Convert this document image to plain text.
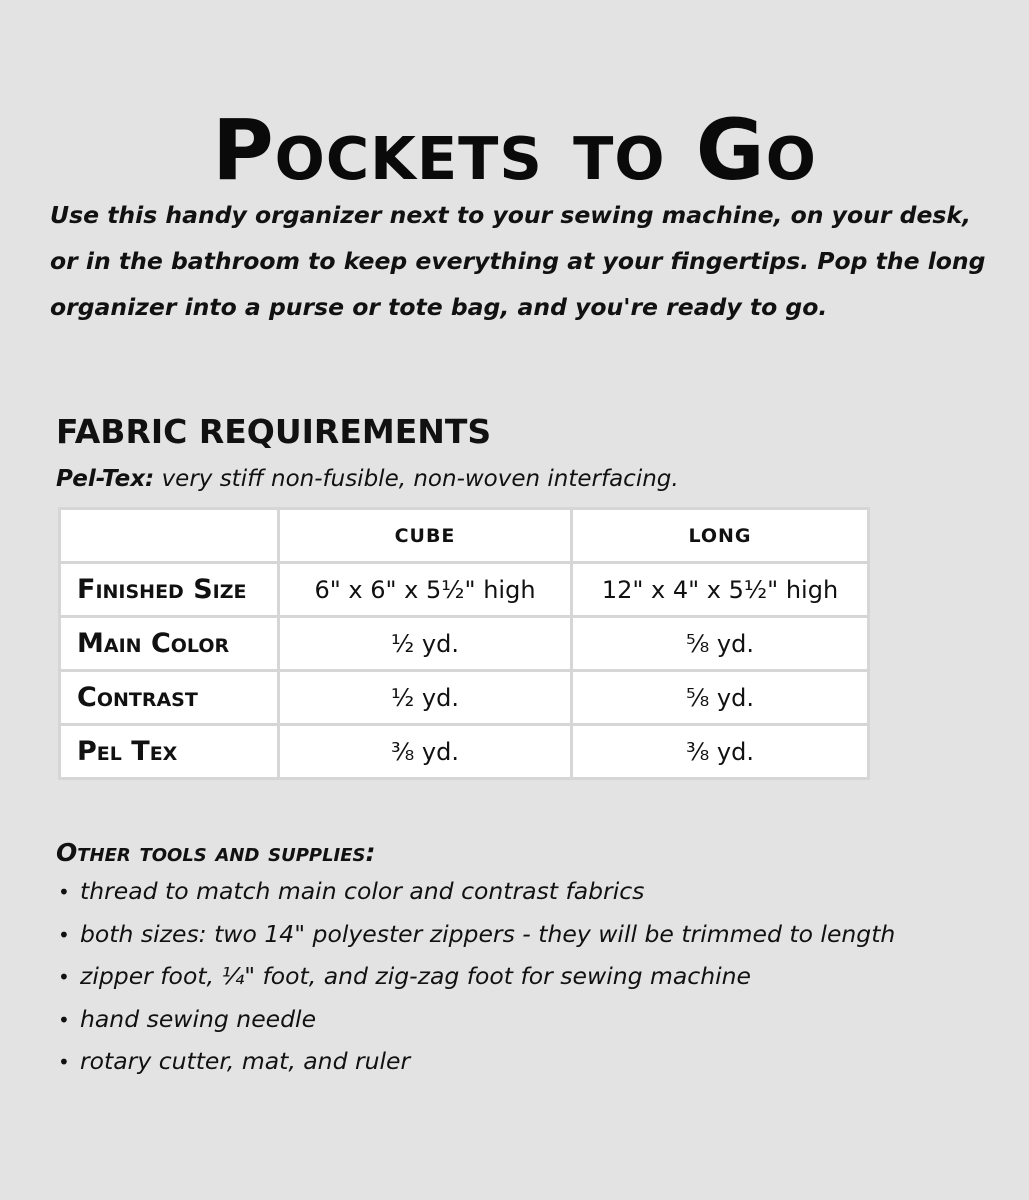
Pockets to Go

Use this handy organizer next to your sewing machine, on your desk, or in the bathroom to keep everything at your fingertips. Pop the long organizer into a purse or tote bag, and you're ready to go.

FABRIC REQUIREMENTS

Pel-Tex: very stiff non-fusible, non-woven interfacing.

	CUBE	LONG
Finished Size	6" x 6" x 5½" high	12" x 4" x 5½" high
Main Color	½ yd.	⁵⁄₈ yd.
Contrast	½ yd.	⁵⁄₈ yd.
Pel Tex	³⁄₈ yd.	³⁄₈ yd.
Other tools and supplies:
• thread to match main color and contrast fabrics
• both sizes: two 14" polyester zippers - they will be trimmed to length
• zipper foot, ¼" foot, and zig-zag foot for sewing machine
• hand sewing needle
• rotary cutter, mat, and ruler
